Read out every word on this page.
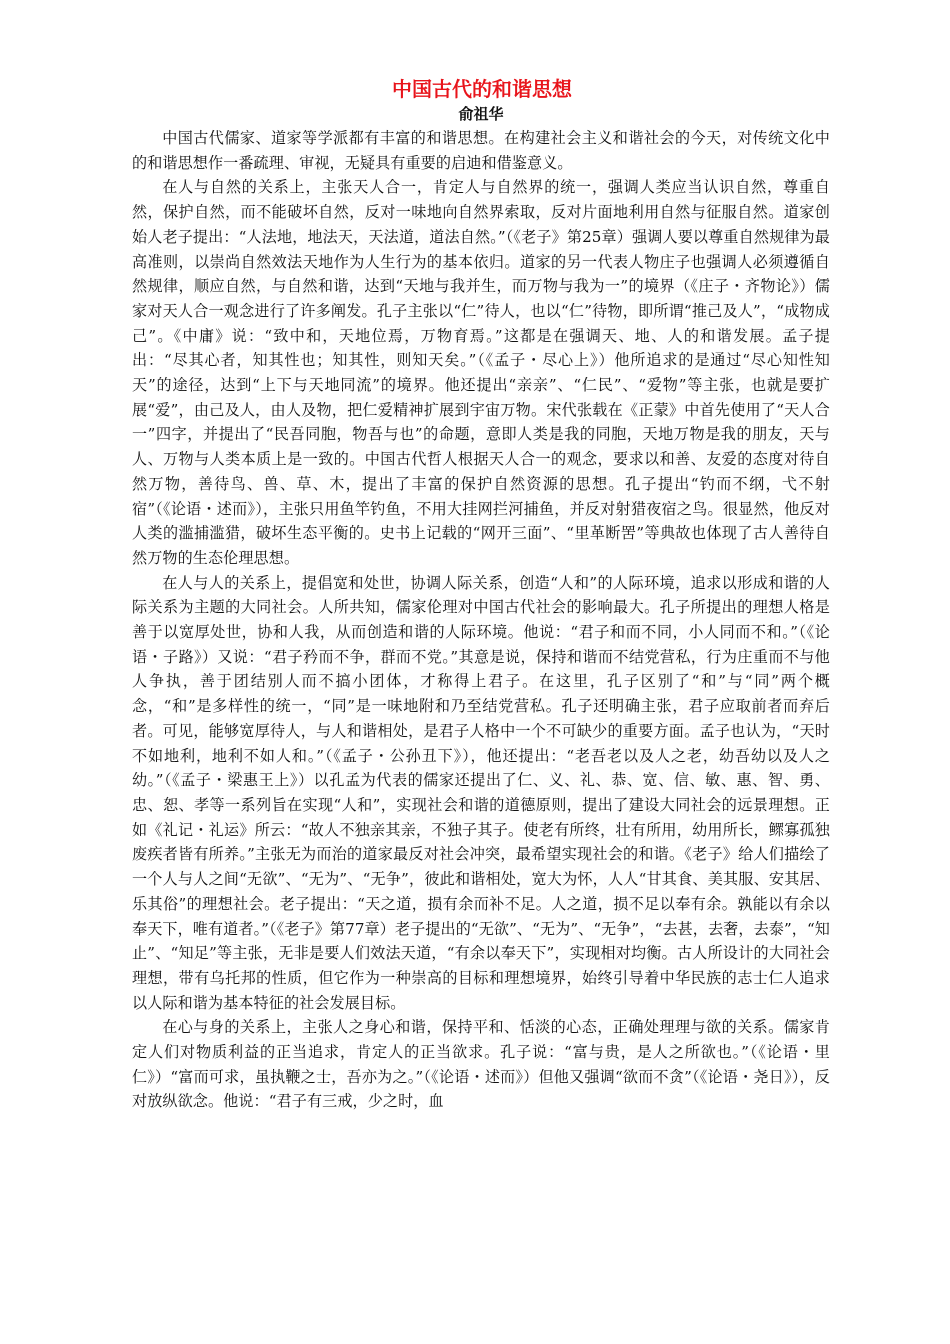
中国古代的和谐思想
俞祖华

中国古代儒家、道家等学派都有丰富的和谐思想。在构建社会主义和谐社会的今天，对传统文化中的和谐思想作一番疏理、审视，无疑具有重要的启迪和借鉴意义。

在人与自然的关系上，主张天人合一，肯定人与自然界的统一，强调人类应当认识自然，尊重自然，保护自然，而不能破坏自然，反对一味地向自然界索取，反对片面地利用自然与征服自然。道家创始人老子提出：“人法地，地法天，天法道，道法自然。”（《老子》第25章）强调人要以尊重自然规律为最高准则，以崇尚自然效法天地作为人生行为的基本依归。道家的另一代表人物庄子也强调人必须遵循自然规律，顺应自然，与自然和谐，达到“天地与我并生，而万物与我为一”的境界（《庄子・齐物论》）儒家对天人合一观念进行了许多阐发。孔子主张以“仁”待人，也以“仁”待物，即所谓“推己及人”，“成物成己”。《中庸》说：“致中和，天地位焉，万物育焉。”这都是在强调天、地、人的和谐发展。孟子提出：“尽其心者，知其性也；知其性，则知天矣。”（《孟子・尽心上》）他所追求的是通过“尽心知性知天”的途径，达到“上下与天地同流”的境界。他还提出“亲亲”、“仁民”、“爱物”等主张，也就是要扩展“爱”，由己及人，由人及物，把仁爱精神扩展到宇宙万物。宋代张载在《正蒙》中首先使用了“天人合一”四字，并提出了“民吾同胞，物吾与也”的命题，意即人类是我的同胞，天地万物是我的朋友，天与人、万物与人类本质上是一致的。中国古代哲人根据天人合一的观念，要求以和善、友爱的态度对待自然万物，善待鸟、兽、草、木，提出了丰富的保护自然资源的思想。孔子提出“钓而不纲，弋不射宿”（《论语・述而》），主张只用鱼竿钓鱼，不用大挂网拦河捕鱼，并反对射猎夜宿之鸟。很显然，他反对人类的滥捕滥猎，破坏生态平衡的。史书上记载的“网开三面”、“里革断罟”等典故也体现了古人善待自然万物的生态伦理思想。

在人与人的关系上，提倡宽和处世，协调人际关系，创造“人和”的人际环境，追求以形成和谐的人际关系为主题的大同社会。人所共知，儒家伦理对中国古代社会的影响最大。孔子所提出的理想人格是善于以宽厚处世，协和人我，从而创造和谐的人际环境。他说：“君子和而不同，小人同而不和。”（《论语・子路》）又说：“君子矜而不争，群而不党。”其意是说，保持和谐而不结党营私，行为庄重而不与他人争执，善于团结别人而不搞小团体，才称得上君子。在这里，孔子区别了“和”与“同”两个概念，“和”是多样性的统一，“同”是一味地附和乃至结党营私。孔子还明确主张，君子应取前者而弃后者。可见，能够宽厚待人，与人和谐相处，是君子人格中一个不可缺少的重要方面。孟子也认为，“天时不如地利，地利不如人和。”（《孟子・公孙丑下》），他还提出：“老吾老以及人之老，幼吾幼以及人之幼。”（《孟子・梁惠王上》）以孔孟为代表的儒家还提出了仁、义、礼、恭、宽、信、敏、惠、智、勇、忠、恕、孝等一系列旨在实现“人和”，实现社会和谐的道德原则，提出了建设大同社会的远景理想。正如《礼记・礼运》所云：“故人不独亲其亲，不独子其子。使老有所终，壮有所用，幼用所长，鳏寡孤独废疾者皆有所养。”主张无为而治的道家最反对社会冲突，最希望实现社会的和谐。《老子》给人们描绘了一个人与人之间“无欲”、“无为”、“无争”，彼此和谐相处，宽大为怀，人人“甘其食、美其服、安其居、乐其俗”的理想社会。老子提出：“天之道，损有余而补不足。人之道，损不足以奉有余。孰能以有余以奉天下，唯有道者。”（《老子》第77章）老子提出的“无欲”、“无为”、“无争”，“去甚，去奢，去泰”，“知止”、“知足”等主张，无非是要人们效法天道，“有余以奉天下”，实现相对均衡。古人所设计的大同社会理想，带有乌托邦的性质，但它作为一种崇高的目标和理想境界，始终引导着中华民族的志士仁人追求以人际和谐为基本特征的社会发展目标。

在心与身的关系上，主张人之身心和谐，保持平和、恬淡的心态，正确处理理与欲的关系。儒家肯定人们对物质利益的正当追求，肯定人的正当欲求。孔子说：“富与贵，是人之所欲也。”（《论语・里仁》）“富而可求，虽执鞭之士，吾亦为之。”（《论语・述而》）但他又强调“欲而不贪”（《论语・尧日》），反对放纵欲念。他说：“君子有三戒，少之时，血
